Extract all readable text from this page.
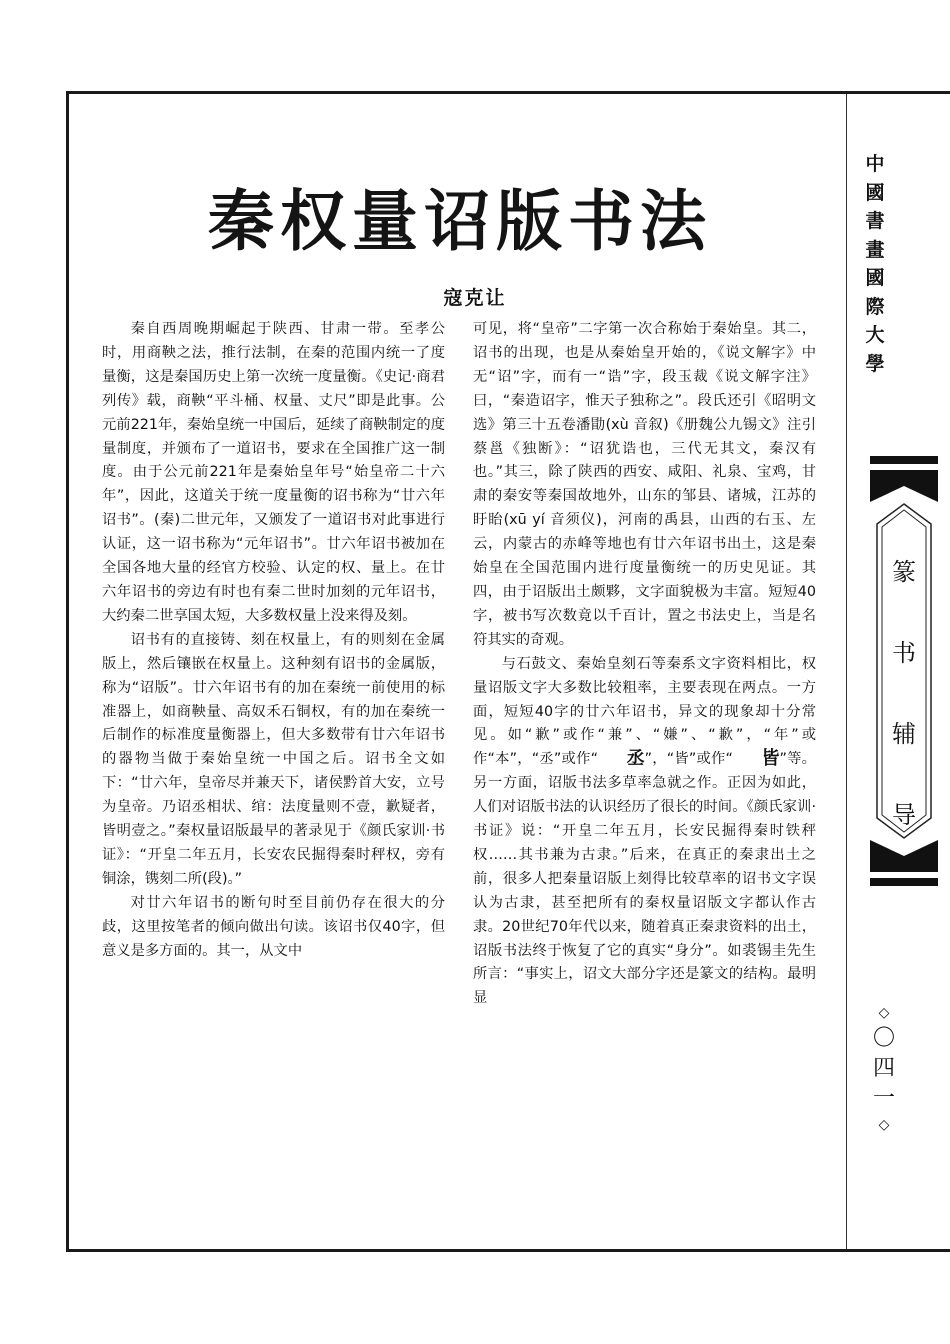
秦权量诏版书法
寇克让

秦自西周晚期崛起于陕西、甘肃一带。至孝公时，用商鞅之法，推行法制，在秦的范围内统一了度量衡，这是秦国历史上第一次统一度量衡。《史记·商君列传》载，商鞅“平斗桶、权量、丈尺”即是此事。公元前221年，秦始皇统一中国后，延续了商鞅制定的度量制度，并颁布了一道诏书，要求在全国推广这一制度。由于公元前221年是秦始皇年号“始皇帝二十六年”，因此，这道关于统一度量衡的诏书称为“廿六年诏书”。(秦)二世元年，又颁发了一道诏书对此事进行认证，这一诏书称为“元年诏书”。廿六年诏书被加在全国各地大量的经官方校验、认定的权、量上。在廿六年诏书的旁边有时也有秦二世时加刻的元年诏书，大约秦二世享国太短，大多数权量上没来得及刻。

诏书有的直接铸、刻在权量上，有的则刻在金属版上，然后镶嵌在权量上。这种刻有诏书的金属版，称为“诏版”。廿六年诏书有的加在秦统一前使用的标准器上，如商鞅量、高奴禾石铜权，有的加在秦统一后制作的标准度量衡器上，但大多数带有廿六年诏书的器物当做于秦始皇统一中国之后。诏书全文如下：“廿六年，皇帝尽并兼天下，诸侯黔首大安，立号为皇帝。乃诏丞相状、绾：法度量则不壹，歉疑者，皆明壹之。”秦权量诏版最早的著录见于《颜氏家训·书证》：“开皇二年五月，长安农民掘得秦时秤权，旁有铜涂，镌刻二所(段)。”

对廿六年诏书的断句时至目前仍存在很大的分歧，这里按笔者的倾向做出句读。该诏书仅40字，但意义是多方面的。其一，从文中

可见，将“皇帝”二字第一次合称始于秦始皇。其二，诏书的出现，也是从秦始皇开始的，《说文解字》中无“诏”字，而有一“诰”字，段玉裁《说文解字注》曰，“秦造诏字，惟天子独称之”。段氏还引《昭明文选》第三十五卷潘勖(xù 音叙)《册魏公九锡文》注引蔡邕《独断》：“诏犹诰也，三代无其文，秦汉有也。”其三，除了陕西的西安、咸阳、礼泉、宝鸡，甘肃的秦安等秦国故地外，山东的邹县、诸城，江苏的盱眙(xū yí 音须仪)，河南的禹县，山西的右玉、左云，内蒙古的赤峰等地也有廿六年诏书出土，这是秦始皇在全国范围内进行度量衡统一的历史见证。其四，由于诏版出土颇夥，文字面貌极为丰富。短短40字，被书写次数竟以千百计，置之书法史上，当是名符其实的奇观。

与石鼓文、秦始皇刻石等秦系文字资料相比，权量诏版文字大多数比较粗率，主要表现在两点。一方面，短短40字的廿六年诏书，异文的现象却十分常见。如“歉”或作“兼”、“嫌”、“歉”，“年”或作“本”，“丞”或作“ 丞”，“皆”或作“ 皆”等。另一方面，诏版书法多草率急就之作。正因为如此，人们对诏版书法的认识经历了很长的时间。《颜氏家训·书证》说：“开皇二年五月，长安民掘得秦时铁秤权……其书兼为古隶。”后来，在真正的秦隶出土之前，很多人把秦量诏版上刻得比较草率的诏书文字误认为古隶，甚至把所有的秦权量诏版文字都认作古隶。20世纪70年代以来，随着真正秦隶资料的出土，诏版书法终于恢复了它的真实“身分”。如裘锡圭先生所言：“事实上，诏文大部分字还是篆文的结构。最明显

中
國
書
畫
國
際
大
學
篆
书
辅
导
◇
〇
四
一
◇
